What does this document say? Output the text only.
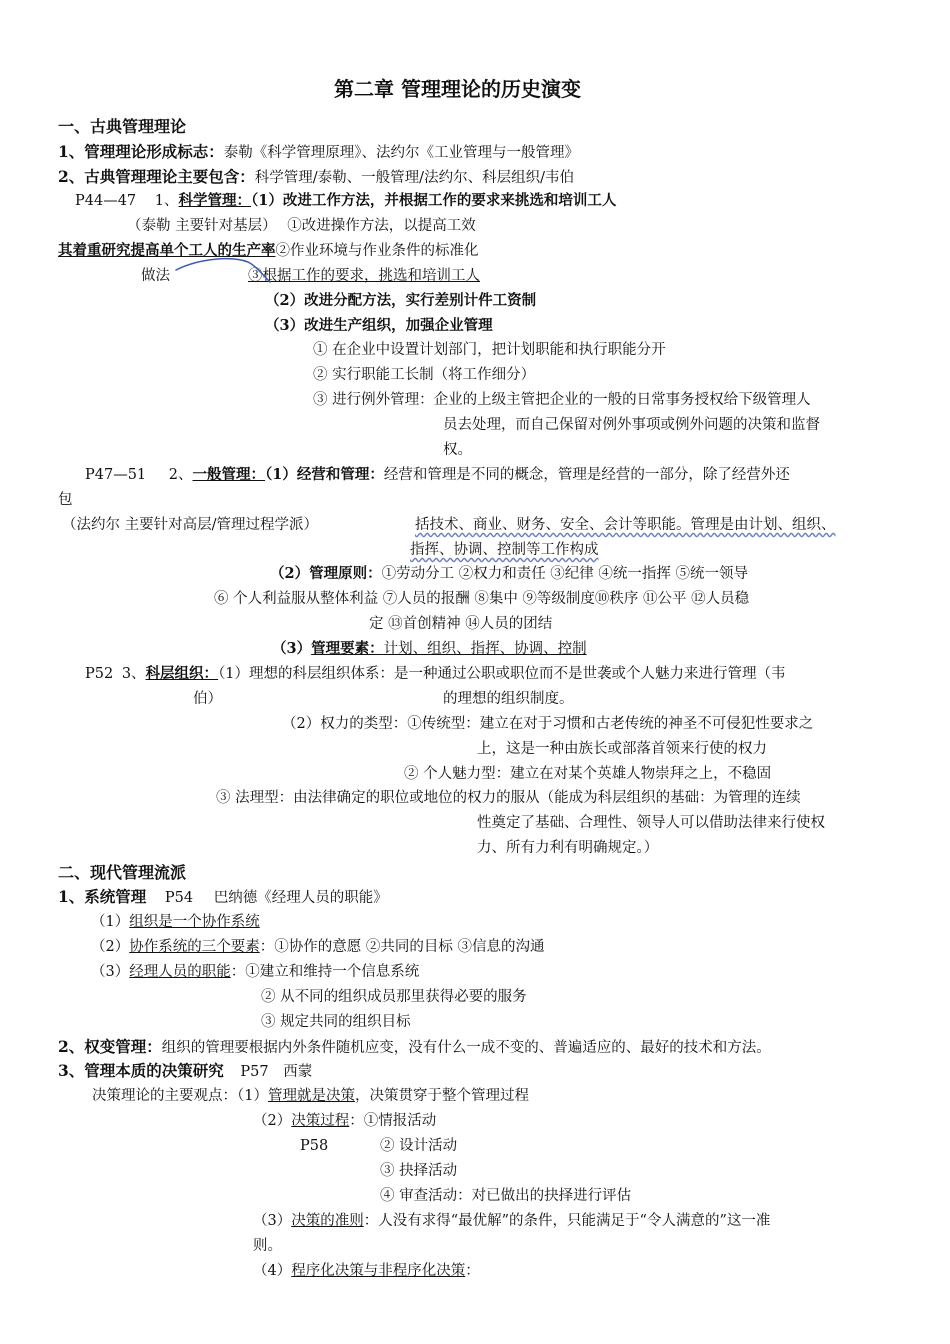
第二章 管理理论的历史演变
一、古典管理理论
1、管理理论形成标志：泰勒《科学管理原理》、法约尔《工业管理与一般管理》
2、古典管理理论主要包含：科学管理/泰勒、一般管理/法约尔、科层组织/韦伯
P44—47 1、科学管理：（1）改进工作方法，并根据工作的要求来挑选和培训工人
（泰勒 主要针对基层） ①改进操作方法，以提高工效
其着重研究提高单个工人的生产率②作业环境与作业条件的标准化
做法	③根据工作的要求，挑选和培训工人
（2）改进分配方法，实行差别计件工资制
（3）改进生产组织，加强企业管理
① 在企业中设置计划部门，把计划职能和执行职能分开
② 实行职能工长制（将工作细分）
③ 进行例外管理：企业的上级主管把企业的一般的日常事务授权给下级管理人
员去处理，而自己保留对例外事项或例外问题的决策和监督
权。
P47—51 2、一般管理：（1）经营和管理：经营和管理是不同的概念，管理是经营的一部分，除了经营外还
包
（法约尔 主要针对高层/管理过程学派）	括技术、商业、财务、安全、会计等职能。管理是由计划、组织、
指挥、协调、控制等工作构成
（2）管理原则：①劳动分工 ②权力和责任 ③纪律 ④统一指挥 ⑤统一领导
⑥ 个人利益服从整体利益 ⑦人员的报酬 ⑧集中 ⑨等级制度⑩秩序 ⑪公平 ⑫人员稳
定 ⑬首创精神 ⑭人员的团结
（3）管理要素：计划、组织、指挥、协调、控制
P52 3、科层组织：（1）理想的科层组织体系：是一种通过公职或职位而不是世袭或个人魅力来进行管理（韦
伯）	的理想的组织制度。
（2）权力的类型：①传统型：建立在对于习惯和古老传统的神圣不可侵犯性要求之
上，这是一种由族长或部落首领来行使的权力
② 个人魅力型：建立在对某个英雄人物崇拜之上，不稳固
③ 法理型：由法律确定的职位或地位的权力的服从（能成为科层组织的基础：为管理的连续
性奠定了基础、合理性、领导人可以借助法律来行使权
力、所有力利有明确规定。）
二、现代管理流派
1、系统管理 P54 巴纳德《经理人员的职能》
（1）组织是一个协作系统
（2）协作系统的三个要素：①协作的意愿 ②共同的目标 ③信息的沟通
（3）经理人员的职能：①建立和维持一个信息系统
② 从不同的组织成员那里获得必要的服务
③ 规定共同的组织目标
2、权变管理：组织的管理要根据内外条件随机应变，没有什么一成不变的、普遍适应的、最好的技术和方法。
3、管理本质的决策研究 P57 西蒙
决策理论的主要观点：（1）管理就是决策，决策贯穿于整个管理过程
（2）决策过程：①情报活动
P58	② 设计活动
③ 抉择活动
④ 审查活动：对已做出的抉择进行评估
（3）决策的准则：人没有求得“最优解”的条件，只能满足于“令人满意的”这一准
则。
（4）程序化决策与非程序化决策：
